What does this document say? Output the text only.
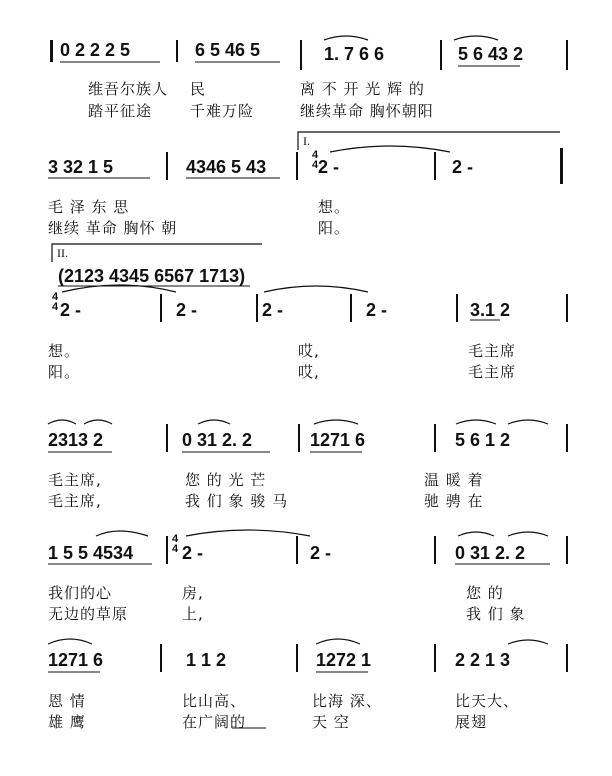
I.
II.
4
4
4
4
4
4
0 2 2 2 5	6 5 46 5	1. 7 6 6	5 6 43 2
维吾尔族人 民	离 不 开 光 辉 的
踏平征途	千难万险	继续革命 胸怀朝阳
3 32 1 5	4346 5 43	2 -	2 -
毛 泽 东 思	想。
继续 革命 胸怀 朝	阳。
(2123 4345 6567 1713)
2 -	2 -	2 -	2 -	3.1 2
想。	哎,	毛主席
阳。	哎,	毛主席
2313 2	0 31 2. 2	1271 6	5 6 1 2
毛主席,	您 的 光 芒	温 暖 着
毛主席,	我 们 象 骏 马	驰 骋 在
1 5 5 4534	2 -	2 -	0 31 2. 2
我们的心	房,	您 的
无边的草原	上,	我 们 象
1271 6	1 1 2	1272 1	2 2 1 3
恩 情	比山高、	比海 深、	比天大、
雄 鹰	在广阔的	天 空	展翅
